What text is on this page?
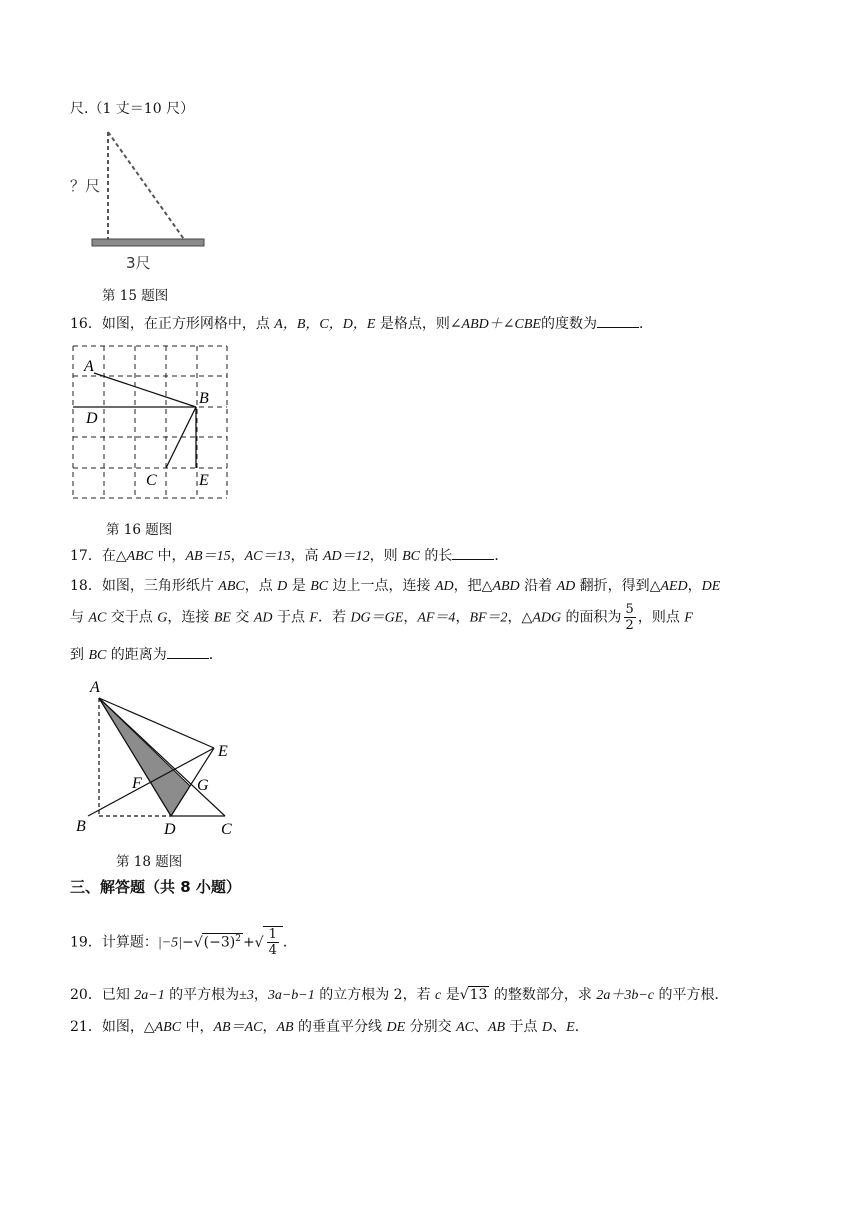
尺.（1 丈＝10 尺）
？尺
3尺
第 15 题图
16．如图，在正方形网格中，点 A，B，C，D，E 是格点，则∠ABD＋∠CBE的度数为	．
A
B
D
C	E
第 16 题图
17．在△ABC 中，AB＝15，AC＝13，高 AD＝12，则 BC 的长	．
18．如图，三角形纸片 ABC，点 D 是 BC 边上一点，连接 AD，把△ABD 沿着 AD 翻折，得到△AED，DE
与 AC 交于点 G，连接 BE 交 AD 于点 F．若 DG＝GE，AF＝4，BF＝2，△ADG 的面积为 $\frac{5}{2}$ ，则点 F
到 BC 的距离为	．
A
E
F	G
B	D	C
第 18 题图
三、解答题（共 8 小题）
19．计算题：$|-5|-√(-3)^2$ +√ $\frac{1}{4}$ ．
20．已知 2a−1 的平方根为±3，3a−b−1 的立方根为 2，若 c 是√13 的整数部分，求 2a＋3b−c 的平方根．
21．如图，△ABC 中，AB＝AC，AB 的垂直平分线 DE 分别交 AC、AB 于点 D、E．
